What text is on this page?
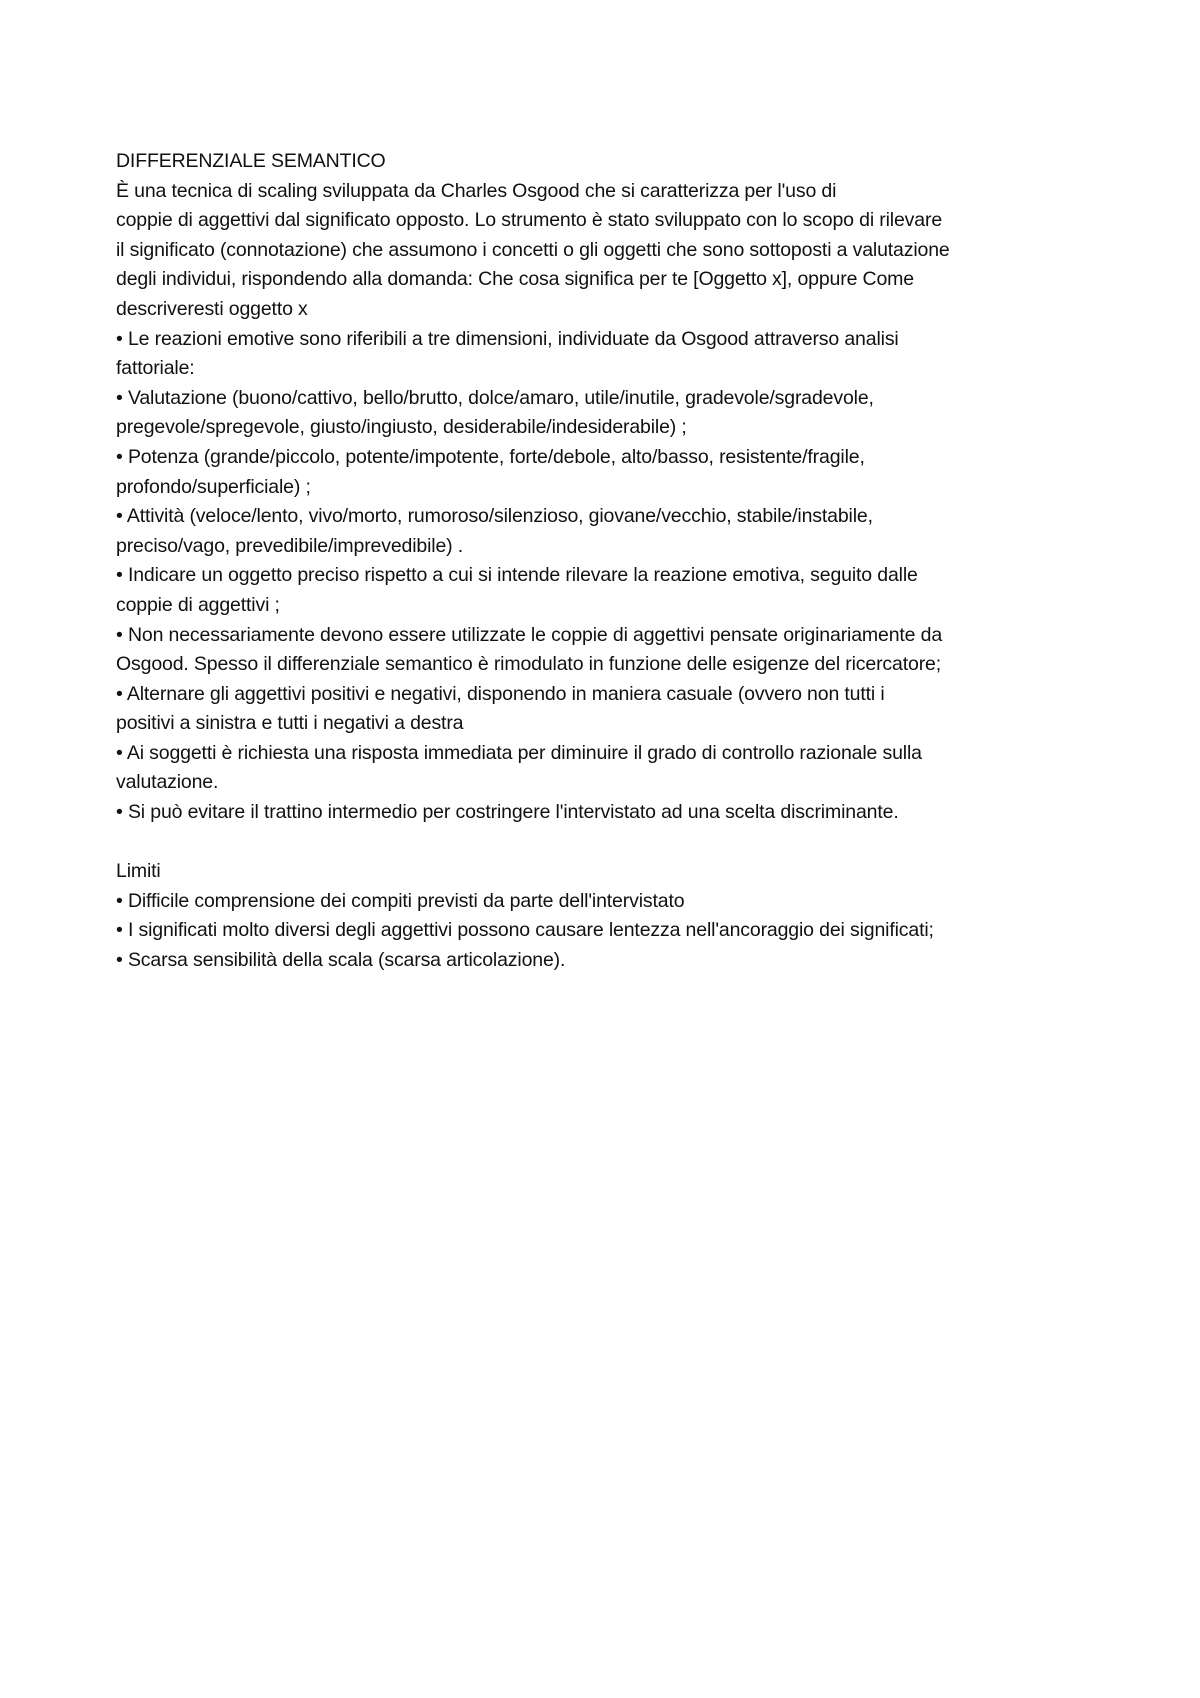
DIFFERENZIALE SEMANTICO
È una tecnica di scaling sviluppata da Charles Osgood che si caratterizza per l'uso di
coppie di aggettivi dal significato opposto. Lo strumento è stato sviluppato con lo scopo di rilevare
il significato (connotazione) che assumono i concetti o gli oggetti che sono sottoposti a valutazione
degli individui, rispondendo alla domanda: Che cosa significa per te [Oggetto x], oppure Come
descriveresti oggetto x
• Le reazioni emotive sono riferibili a tre dimensioni, individuate da Osgood attraverso analisi
fattoriale:
• Valutazione (buono/cattivo, bello/brutto, dolce/amaro, utile/inutile, gradevole/sgradevole,
pregevole/spregevole, giusto/ingiusto, desiderabile/indesiderabile) ;
• Potenza (grande/piccolo, potente/impotente, forte/debole, alto/basso, resistente/fragile,
profondo/superficiale) ;
• Attività (veloce/lento, vivo/morto, rumoroso/silenzioso, giovane/vecchio, stabile/instabile,
preciso/vago, prevedibile/imprevedibile) .
• Indicare un oggetto preciso rispetto a cui si intende rilevare la reazione emotiva, seguito dalle
coppie di aggettivi ;
• Non necessariamente devono essere utilizzate le coppie di aggettivi pensate originariamente da
Osgood. Spesso il differenziale semantico è rimodulato in funzione delle esigenze del ricercatore;
• Alternare gli aggettivi positivi e negativi, disponendo in maniera casuale (ovvero non tutti i
positivi a sinistra e tutti i negativi a destra
• Ai soggetti è richiesta una risposta immediata per diminuire il grado di controllo razionale sulla
valutazione.
• Si può evitare il trattino intermedio per costringere l'intervistato ad una scelta discriminante.
Limiti
• Difficile comprensione dei compiti previsti da parte dell'intervistato
• I significati molto diversi degli aggettivi possono causare lentezza nell'ancoraggio dei significati;
• Scarsa sensibilità della scala (scarsa articolazione).
